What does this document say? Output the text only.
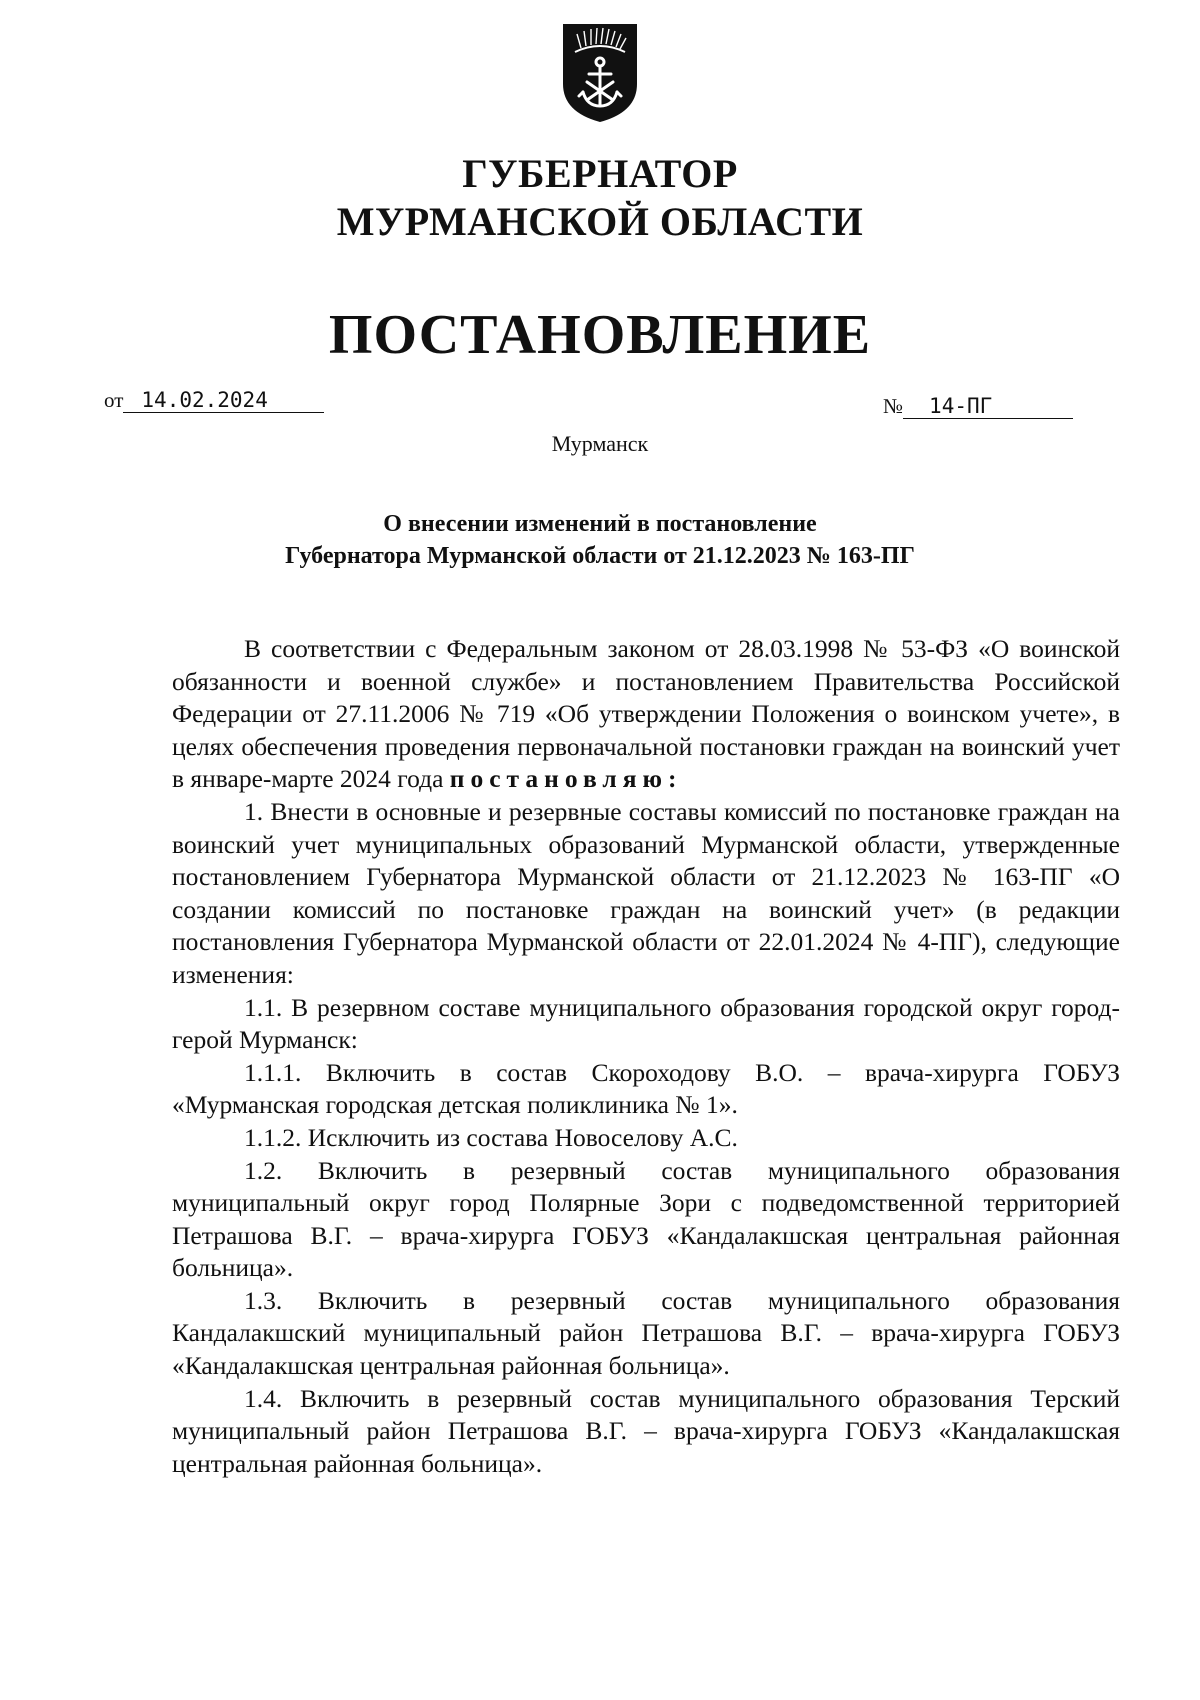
ГУБЕРНАТОР
МУРМАНСКОЙ ОБЛАСТИ
ПОСТАНОВЛЕНИЕ
от 14.02.2024	№ 14-ПГ
Мурманск
О внесении изменений в постановление
Губернатора Мурманской области от 21.12.2023 № 163-ПГ

В соответствии с Федеральным законом от 28.03.1998 № 53-ФЗ «О воинской обязанности и военной службе» и постановлением Правительства Российской Федерации от 27.11.2006 № 719 «Об утверждении Положения о воинском учете», в целях обеспечения проведения первоначальной постановки граждан на воинский учет в январе-марте 2024 года постановляю:

1. Внести в основные и резервные составы комиссий по постановке граждан на воинский учет муниципальных образований Мурманской области, утвержденные постановлением Губернатора Мурманской области от 21.12.2023 № 163-ПГ «О создании комиссий по постановке граждан на воинский учет» (в редакции постановления Губернатора Мурманской области от 22.01.2024 № 4-ПГ), следующие изменения:

1.1. В резервном составе муниципального образования городской округ город-герой Мурманск:

1.1.1. Включить в состав Скороходову В.О. – врача-хирурга ГОБУЗ «Мурманская городская детская поликлиника № 1».

1.1.2. Исключить из состава Новоселову А.С.

1.2. Включить в резервный состав муниципального образования муниципальный округ город Полярные Зори с подведомственной территорией Петрашова В.Г. – врача-хирурга ГОБУЗ «Кандалакшская центральная районная больница».

1.3. Включить в резервный состав муниципального образования Кандалакшский муниципальный район Петрашова В.Г. – врача-хирурга ГОБУЗ «Кандалакшская центральная районная больница».

1.4. Включить в резервный состав муниципального образования Терский муниципальный район Петрашова В.Г. – врача-хирурга ГОБУЗ «Кандалакшская центральная районная больница».
